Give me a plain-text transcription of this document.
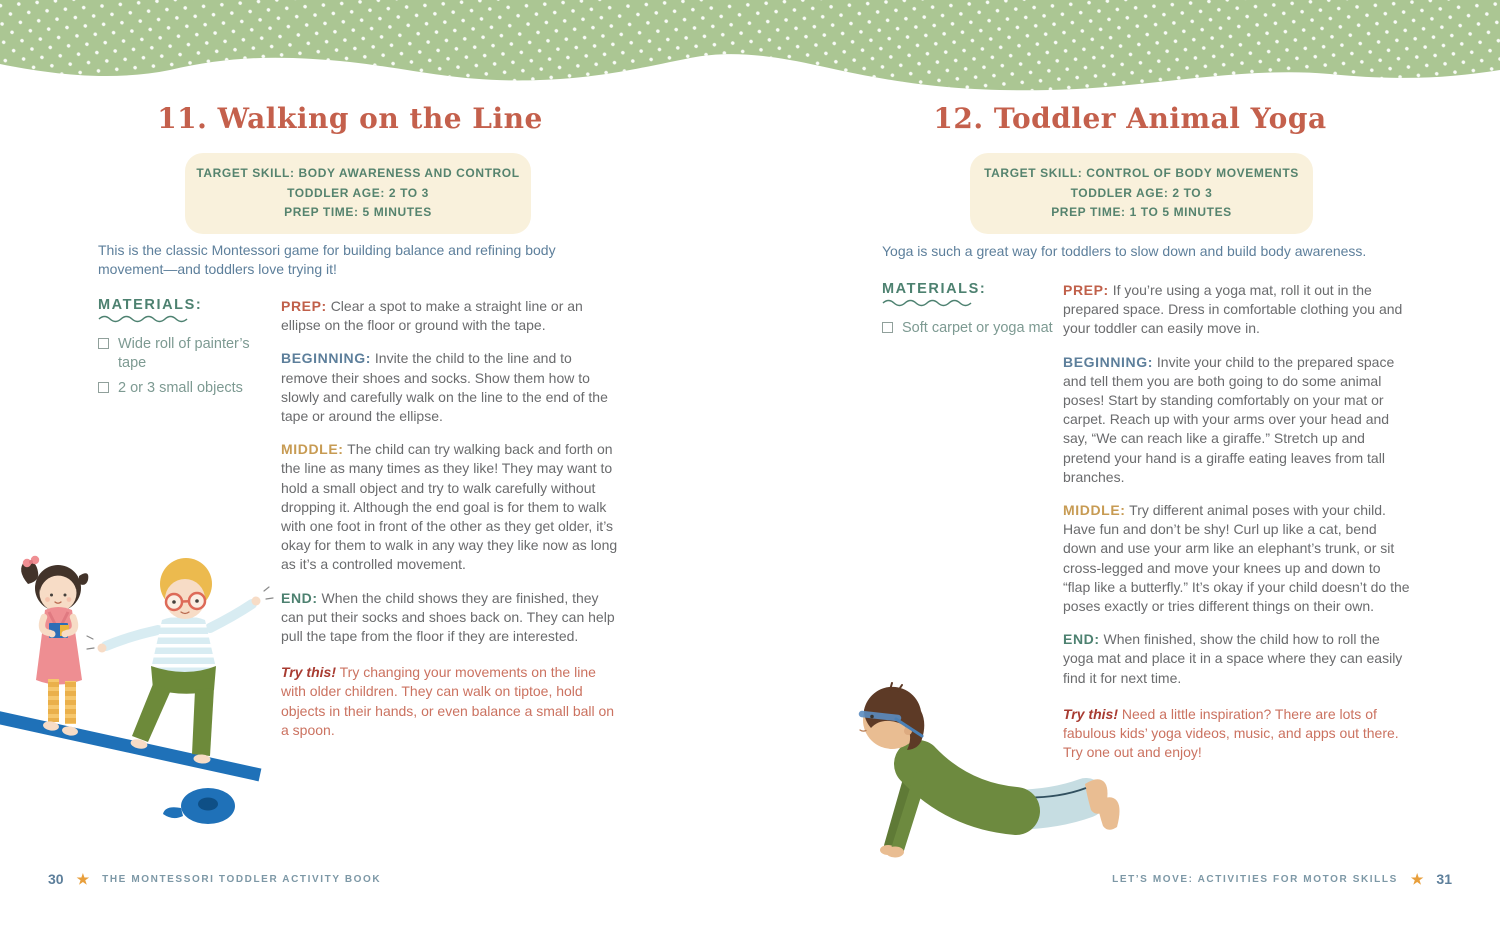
11. Walking on the Line
TARGET SKILL: BODY AWARENESS AND CONTROL
TODDLER AGE: 2 TO 3
PREP TIME: 5 MINUTES

This is the classic Montessori game for building balance and refining body movement—and toddlers love trying it!

MATERIALS:
Wide roll of painter’s tape
2 or 3 small objects

PREP: Clear a spot to make a straight line or an ellipse on the floor or ground with the tape.

BEGINNING: Invite the child to the line and to remove their shoes and socks. Show them how to slowly and carefully walk on the line to the end of the tape or around the ellipse.

MIDDLE: The child can try walking back and forth on the line as many times as they like! They may want to hold a small object and try to walk carefully without dropping it. Although the end goal is for them to walk with one foot in front of the other as they get older, it’s okay for them to walk in any way they like now as long as it’s a controlled movement.

END: When the child shows they are finished, they can put their socks and shoes back on. They can help pull the tape from the floor if they are interested.

Try this! Try changing your movements on the line with older children. They can walk on tiptoe, hold objects in their hands, or even balance a small ball on a spoon.

30 ★ THE MONTESSORI TODDLER ACTIVITY BOOK
12. Toddler Animal Yoga
TARGET SKILL: CONTROL OF BODY MOVEMENTS
TODDLER AGE: 2 TO 3
PREP TIME: 1 TO 5 MINUTES

Yoga is such a great way for toddlers to slow down and build body awareness.

MATERIALS:
Soft carpet or yoga mat

PREP: If you’re using a yoga mat, roll it out in the prepared space. Dress in comfortable clothing you and your toddler can easily move in.

BEGINNING: Invite your child to the prepared space and tell them you are both going to do some animal poses! Start by standing comfortably on your mat or carpet. Reach up with your arms over your head and say, “We can reach like a giraffe.” Stretch up and pretend your hand is a giraffe eating leaves from tall branches.

MIDDLE: Try different animal poses with your child. Have fun and don’t be shy! Curl up like a cat, bend down and use your arm like an elephant’s trunk, or sit cross-legged and move your knees up and down to “flap like a butterfly.” It’s okay if your child doesn’t do the poses exactly or tries different things on their own.

END: When finished, show the child how to roll the yoga mat and place it in a space where they can easily find it for next time.

Try this! Need a little inspiration? There are lots of fabulous kids’ yoga videos, music, and apps out there. Try one out and enjoy!

LET’S MOVE: ACTIVITIES FOR MOTOR SKILLS ★ 31
